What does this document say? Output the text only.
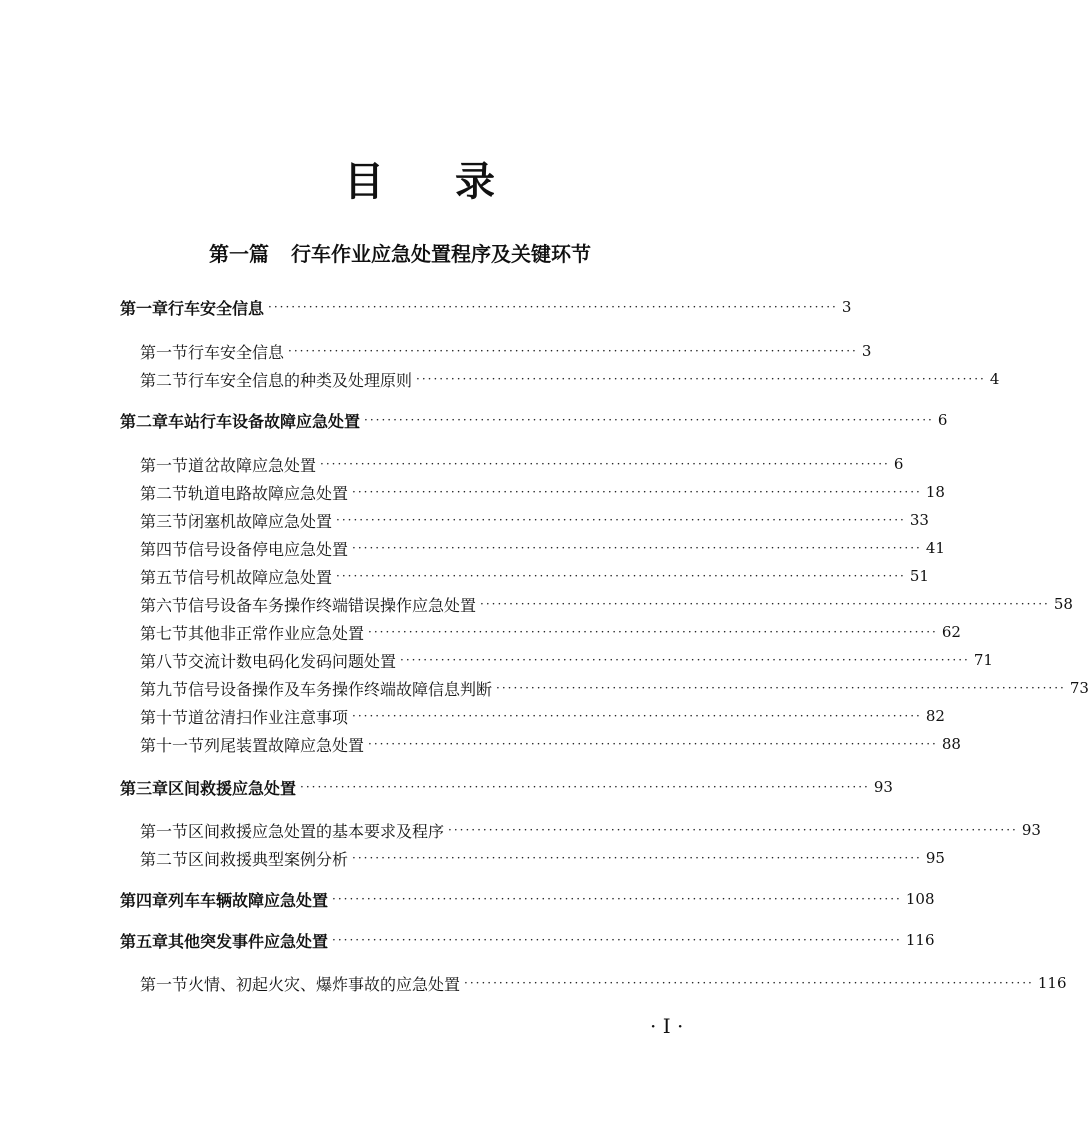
目 录
第一篇 行车作业应急处置程序及关键环节
第一章 行车安全信息 ·································································································· 3
第一节 行车安全信息 ·································································································· 3
第二节 行车安全信息的种类及处理原则 ·································································································· 4
第二章 车站行车设备故障应急处置 ·································································································· 6
第一节 道岔故障应急处置 ·································································································· 6
第二节 轨道电路故障应急处置 ·································································································· 18
第三节 闭塞机故障应急处置 ·································································································· 33
第四节 信号设备停电应急处置 ·································································································· 41
第五节 信号机故障应急处置 ·································································································· 51
第六节 信号设备车务操作终端错误操作应急处置 ·································································································· 58
第七节 其他非正常作业应急处置 ·································································································· 62
第八节 交流计数电码化发码问题处置 ·································································································· 71
第九节 信号设备操作及车务操作终端故障信息判断 ·································································································· 73
第十节 道岔清扫作业注意事项 ·································································································· 82
第十一节 列尾装置故障应急处置 ·································································································· 88
第三章 区间救援应急处置 ·································································································· 93
第一节 区间救援应急处置的基本要求及程序 ·································································································· 93
第二节 区间救援典型案例分析 ·································································································· 95
第四章 列车车辆故障应急处置 ·································································································· 108
第五章 其他突发事件应急处置 ·································································································· 116
第一节 火情、初起火灾、爆炸事故的应急处置 ·································································································· 116
· I ·
